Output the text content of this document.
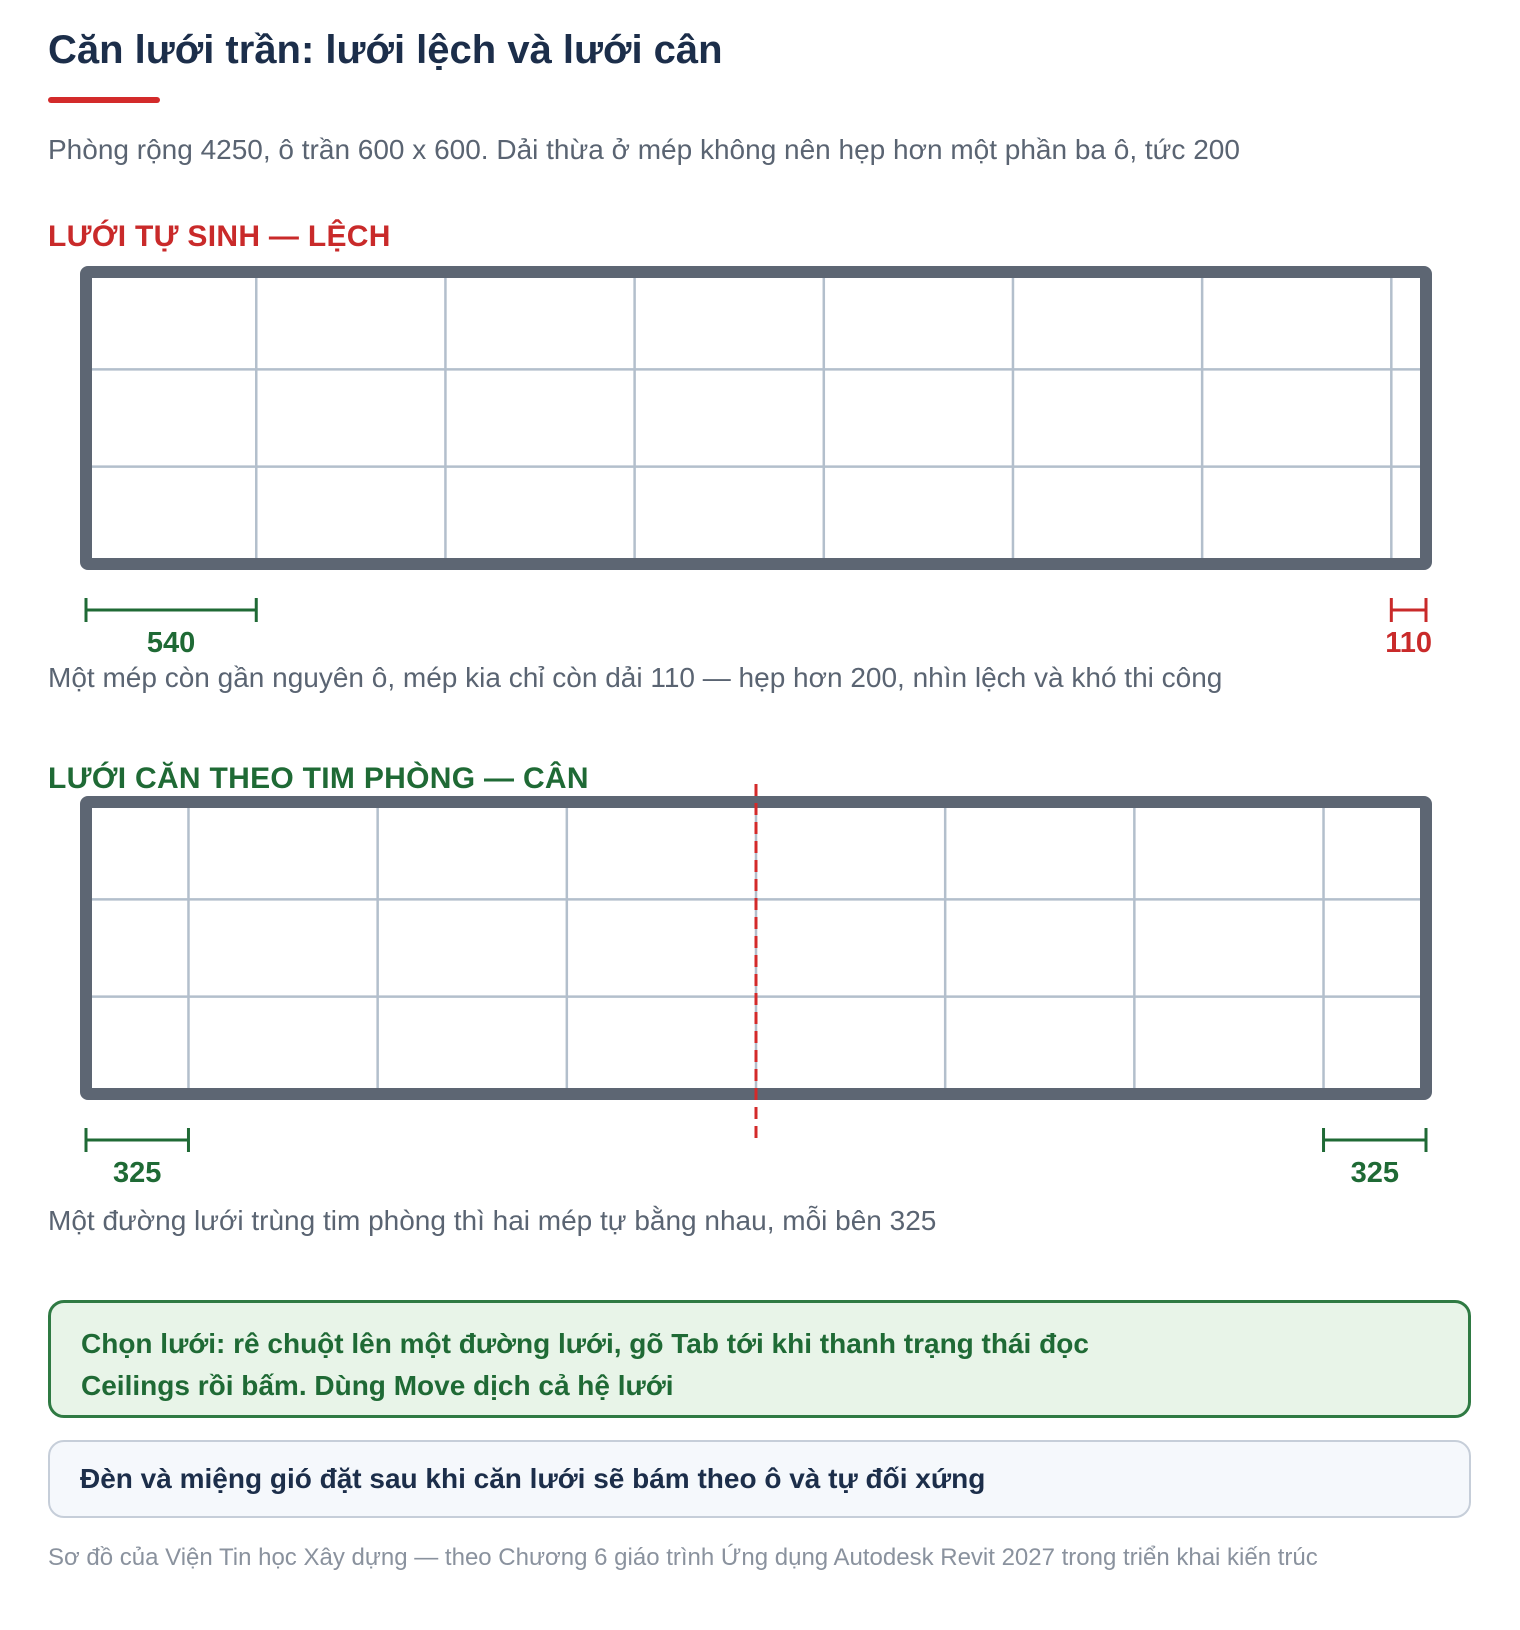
Căn lưới trần: lưới lệch và lưới cân
Phòng rộng 4250, ô trần 600 x 600. Dải thừa ở mép không nên hẹp hơn một phần ba ô, tức 200
LƯỚI TỰ SINH — LỆCH
540	110
Một mép còn gần nguyên ô, mép kia chỉ còn dải 110 — hẹp hơn 200, nhìn lệch và khó thi công
LƯỚI CĂN THEO TIM PHÒNG — CÂN
325	325
Một đường lưới trùng tim phòng thì hai mép tự bằng nhau, mỗi bên 325
Chọn lưới: rê chuột lên một đường lưới, gõ Tab tới khi thanh trạng thái đọc
Ceilings rồi bấm. Dùng Move dịch cả hệ lưới
Đèn và miệng gió đặt sau khi căn lưới sẽ bám theo ô và tự đối xứng
Sơ đồ của Viện Tin học Xây dựng — theo Chương 6 giáo trình Ứng dụng Autodesk Revit 2027 trong triển khai kiến trúc
